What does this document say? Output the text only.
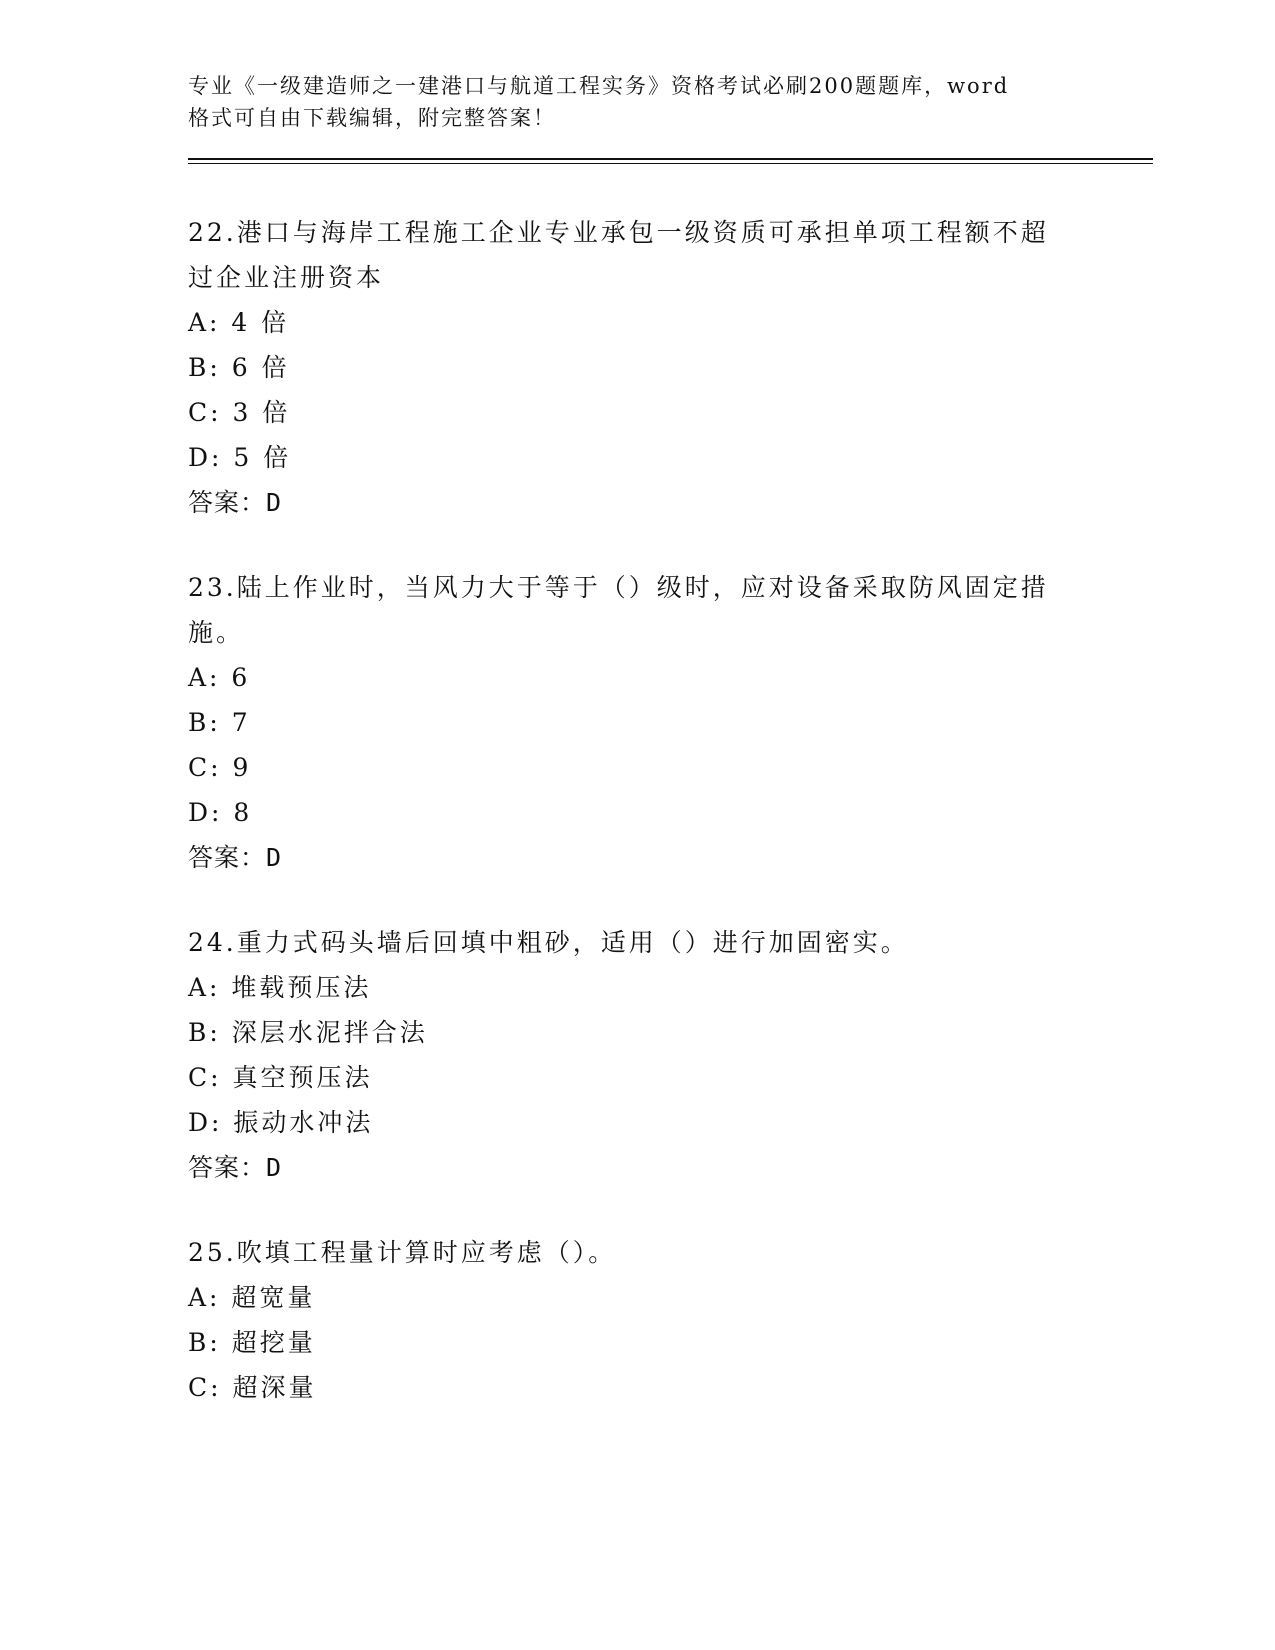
专业《一级建造师之一建港口与航道工程实务》资格考试必刷200题题库，word
格式可自由下载编辑，附完整答案！
22.港口与海岸工程施工企业专业承包一级资质可承担单项工程额不超过企业注册资本
A: 4 倍
B: 6 倍
C: 3 倍
D: 5 倍
答案：D
23.陆上作业时，当风力大于等于（）级时，应对设备采取防风固定措施。
A: 6
B: 7
C: 9
D: 8
答案：D
24.重力式码头墙后回填中粗砂，适用（）进行加固密实。
A: 堆载预压法
B: 深层水泥拌合法
C: 真空预压法
D: 振动水冲法
答案：D
25.吹填工程量计算时应考虑（）。
A: 超宽量
B: 超挖量
C: 超深量
